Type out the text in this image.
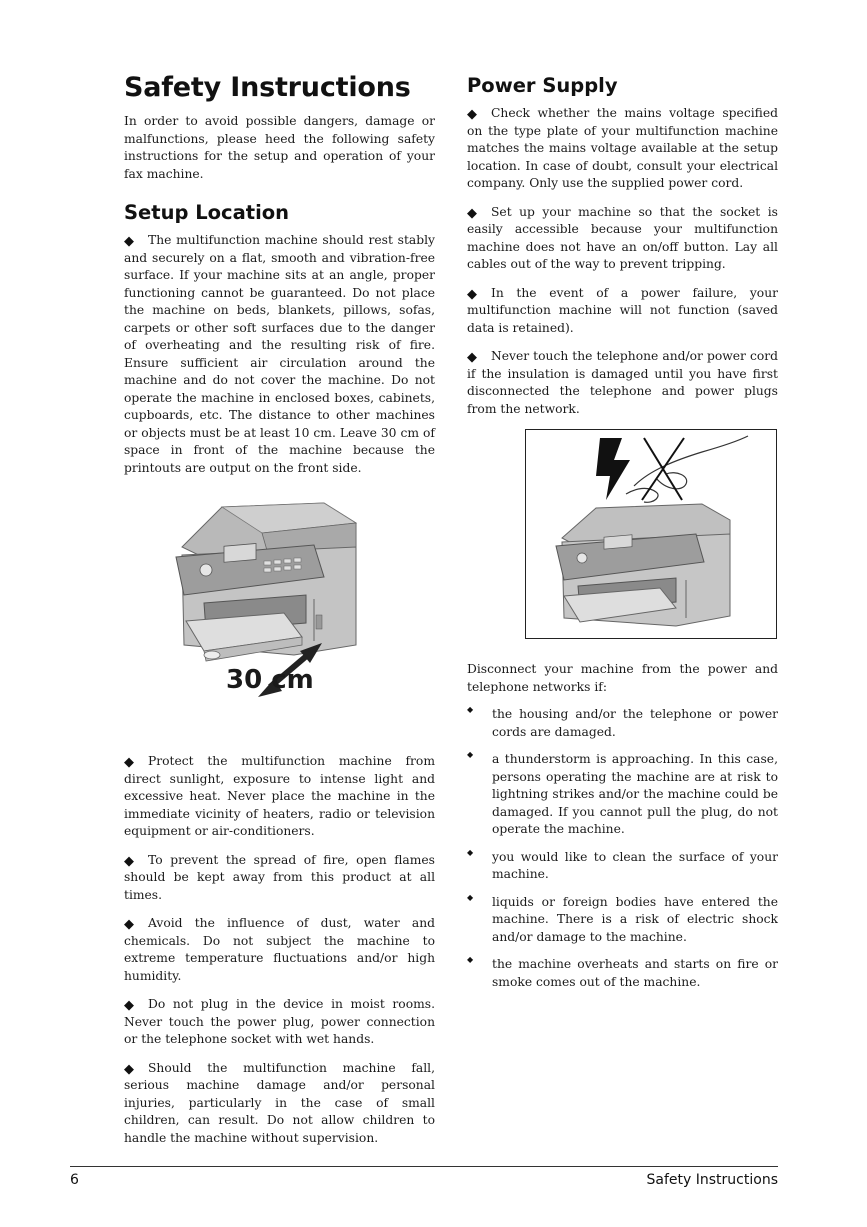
Safety Instructions

In order to avoid possible dangers, damage or malfunctions, please heed the following safety instructions for the setup and operation of your fax machine.

Setup Location
◆	The multifunction machine should rest stably and securely on a flat, smooth and vibration-free surface. If your machine sits at an angle, proper functioning cannot be guaranteed. Do not place the machine on beds, blankets, pillows, sofas, carpets or other soft surfaces due to the danger of overheating and the resulting risk of fire. Ensure sufficient air circulation around the machine and do not cover the machine. Do not operate the machine in enclosed boxes, cabinets, cupboards, etc. The distance to other machines or objects must be at least 10 cm. Leave 30 cm of space in front of the machine because the printouts are output on the front side.

30 cm
◆	Protect the multifunction machine from direct sunlight, exposure to intense light and excessive heat. Never place the machine in the immediate vicinity of heaters, radio or television equipment or air-conditioners.

◆	To prevent the spread of fire, open flames should be kept away from this product at all times.

◆	Avoid the influence of dust, water and chemicals. Do not subject the machine to extreme temperature fluctuations and/or high humidity.

◆	Do not plug in the device in moist rooms. Never touch the power plug, power connection or the telephone socket with wet hands.

◆	Should the multifunction machine fall, serious machine damage and/or personal injuries, particularly in the case of small children, can result. Do not allow children to handle the machine without supervision.

Power Supply
◆	Check whether the mains voltage specified on the type plate of your multifunction machine matches the mains voltage available at the setup location. In case of doubt, consult your electrical company. Only use the supplied power cord.

◆	Set up your machine so that the socket is easily accessible because your multifunction machine does not have an on/off button. Lay all cables out of the way to prevent tripping.

◆	In the event of a power failure, your multifunction machine will not function (saved data is retained).

◆	Never touch the telephone and/or power cord if the insulation is damaged until you have first disconnected the telephone and power plugs from the network.

Disconnect your machine from the power and telephone networks if:

◆ the housing and/or the telephone or power cords are damaged.

◆ a thunderstorm is approaching. In this case, persons operating the machine are at risk to lightning strikes and/or the machine could be damaged. If you cannot pull the plug, do not operate the machine.

◆ you would like to clean the surface of your machine.

◆ liquids or foreign bodies have entered the machine. There is a risk of electric shock and/or damage to the machine.

◆ the machine overheats and starts on fire or smoke comes out of the machine.

6	Safety Instructions
